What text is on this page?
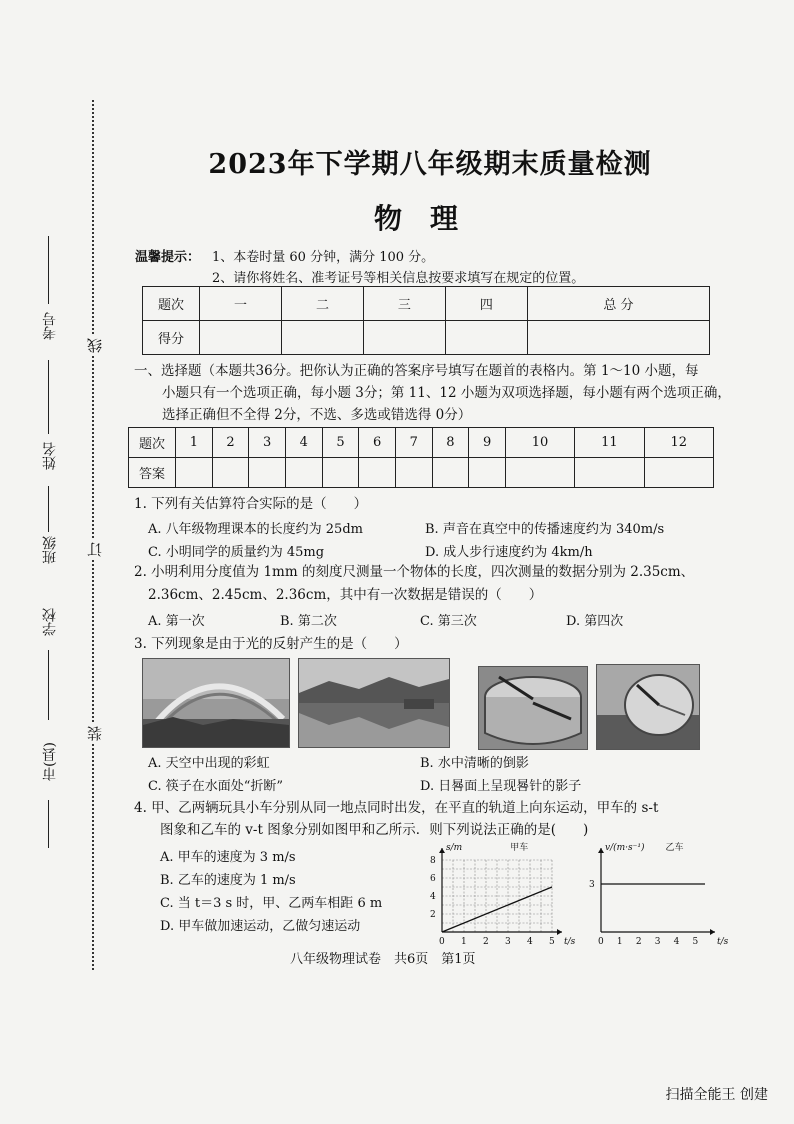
考号
姓名
班级
学校
市(县)
线
订
装
2023年下学期八年级期末质量检测
物理
温馨提示： 1、本卷时量 60 分钟，满分 100 分。
2、请你将姓名、准考证号等相关信息按要求填写在规定的位置。
题次	一	二	三	四	总 分
得分					
一、选择题（本题共36分。把你认为正确的答案序号填写在题首的表格内。第 1～10 小题，每
小题只有一个选项正确，每小题 3分；第 11、12 小题为双项选择题，每小题有两个选项正确，
选择正确但不全得 2分，不选、多选或错选得 0分）
题次	1	2	3	4	5	6	7	8	9	10	11	12
答案												
1. 下列有关估算符合实际的是（　　）
A. 八年级物理课本的长度约为 25dm	B. 声音在真空中的传播速度约为 340m/s
C. 小明同学的质量约为 45mg	D. 成人步行速度约为 4km/h
2. 小明利用分度值为 1mm 的刻度尺测量一个物体的长度，四次测量的数据分别为 2.35cm、
2.36cm、2.45cm、2.36cm，其中有一次数据是错误的（　　）
A. 第一次	B. 第二次	C. 第三次	D. 第四次
3. 下列现象是由于光的反射产生的是（　　）
A. 天空中出现的彩虹	B. 水中清晰的倒影
C. 筷子在水面处“折断”	D. 日晷面上呈现晷针的影子
4. 甲、乙两辆玩具小车分别从同一地点同时出发，在平直的轨道上向东运动，甲车的 s-t
图象和乙车的 v-t 图象分别如图甲和乙所示．则下列说法正确的是(　　)
A. 甲车的速度为 3 m/s
B. 乙车的速度为 1 m/s
C. 当 t＝3 s 时，甲、乙两车相距 6 m
D. 甲车做加速运动，乙做匀速运动
0 1 2 3 4 5
2
4
6
8
t/s
s/m	甲车
0 1 2 3 4 5
3
t/s
v/(m·s⁻¹) 乙车
八年级物理试卷　共6页　第1页
扫描全能王 创建
